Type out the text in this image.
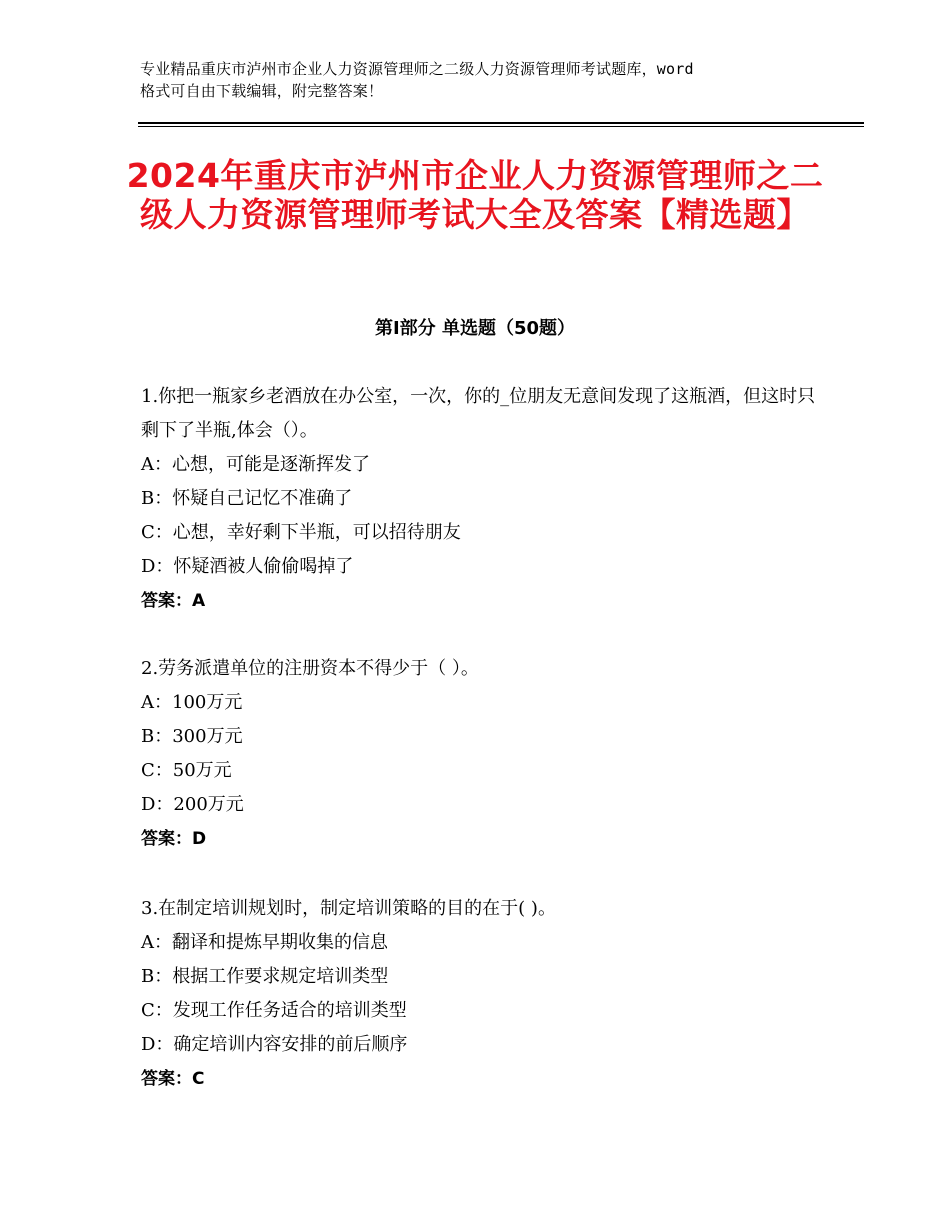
专业精品重庆市泸州市企业人力资源管理师之二级人力资源管理师考试题库，word
格式可自由下载编辑，附完整答案！
2024年重庆市泸州市企业人力资源管理师之二级人力资源管理师考试大全及答案【精选题】
第Ⅰ部分 单选题（50题）

1.你把一瓶家乡老酒放在办公室，一次，你的_位朋友无意间发现了这瓶酒，但这时只剩下了半瓶,体会（）。

A：心想，可能是逐渐挥发了

B：怀疑自己记忆不准确了

C：心想，幸好剩下半瓶，可以招待朋友

D：怀疑酒被人偷偷喝掉了

答案：A

2.劳务派遣单位的注册资本不得少于（ ）。

A：100万元

B：300万元

C：50万元

D：200万元

答案：D

3.在制定培训规划时，制定培训策略的目的在于( )。

A：翻译和提炼早期收集的信息

B：根据工作要求规定培训类型

C：发现工作任务适合的培训类型

D：确定培训内容安排的前后顺序

答案：C
